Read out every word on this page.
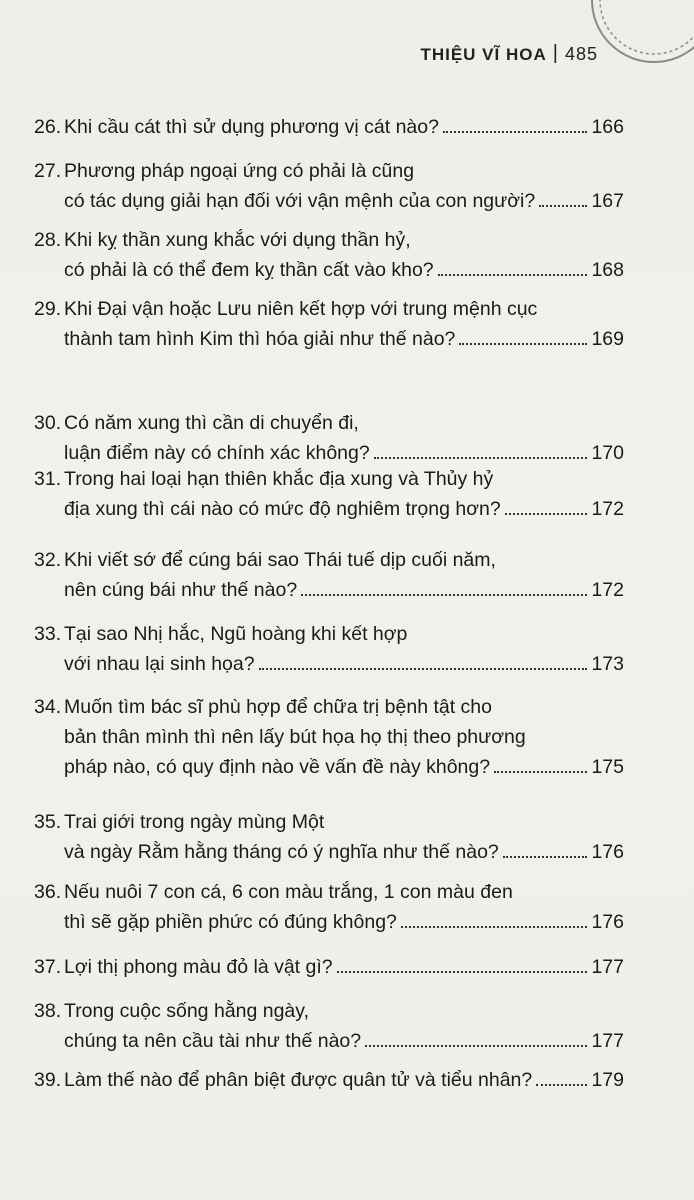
THIỆU VĨ HOA | 485
26. Khi cầu cát thì sử dụng phương vị cát nào?	166
27. Phương pháp ngoại ứng có phải là cũng
có tác dụng giải hạn đối với vận mệnh của con người?	167
28. Khi kỵ thần xung khắc với dụng thần hỷ,
có phải là có thể đem kỵ thần cất vào kho?	168
29. Khi Đại vận hoặc Lưu niên kết hợp với trung mệnh cục
thành tam hình Kim thì hóa giải như thế nào?	169
30. Có năm xung thì cần di chuyển đi,
luận điểm này có chính xác không?	170
31. Trong hai loại hạn thiên khắc địa xung và Thủy hỷ
địa xung thì cái nào có mức độ nghiêm trọng hơn?	172
32. Khi viết sớ để cúng bái sao Thái tuế dịp cuối năm,
nên cúng bái như thế nào?	172
33. Tại sao Nhị hắc, Ngũ hoàng khi kết hợp
với nhau lại sinh họa?	173
34. Muốn tìm bác sĩ phù hợp để chữa trị bệnh tật cho
bản thân mình thì nên lấy bút họa họ thị theo phương
pháp nào, có quy định nào về vấn đề này không?	175
35. Trai giới trong ngày mùng Một
và ngày Rằm hằng tháng có ý nghĩa như thế nào?	176
36. Nếu nuôi 7 con cá, 6 con màu trắng, 1 con màu đen
thì sẽ gặp phiền phức có đúng không?	176
37. Lợi thị phong màu đỏ là vật gì?	177
38. Trong cuộc sống hằng ngày,
chúng ta nên cầu tài như thế nào?	177
39. Làm thế nào để phân biệt được quân tử và tiểu nhân?	179
